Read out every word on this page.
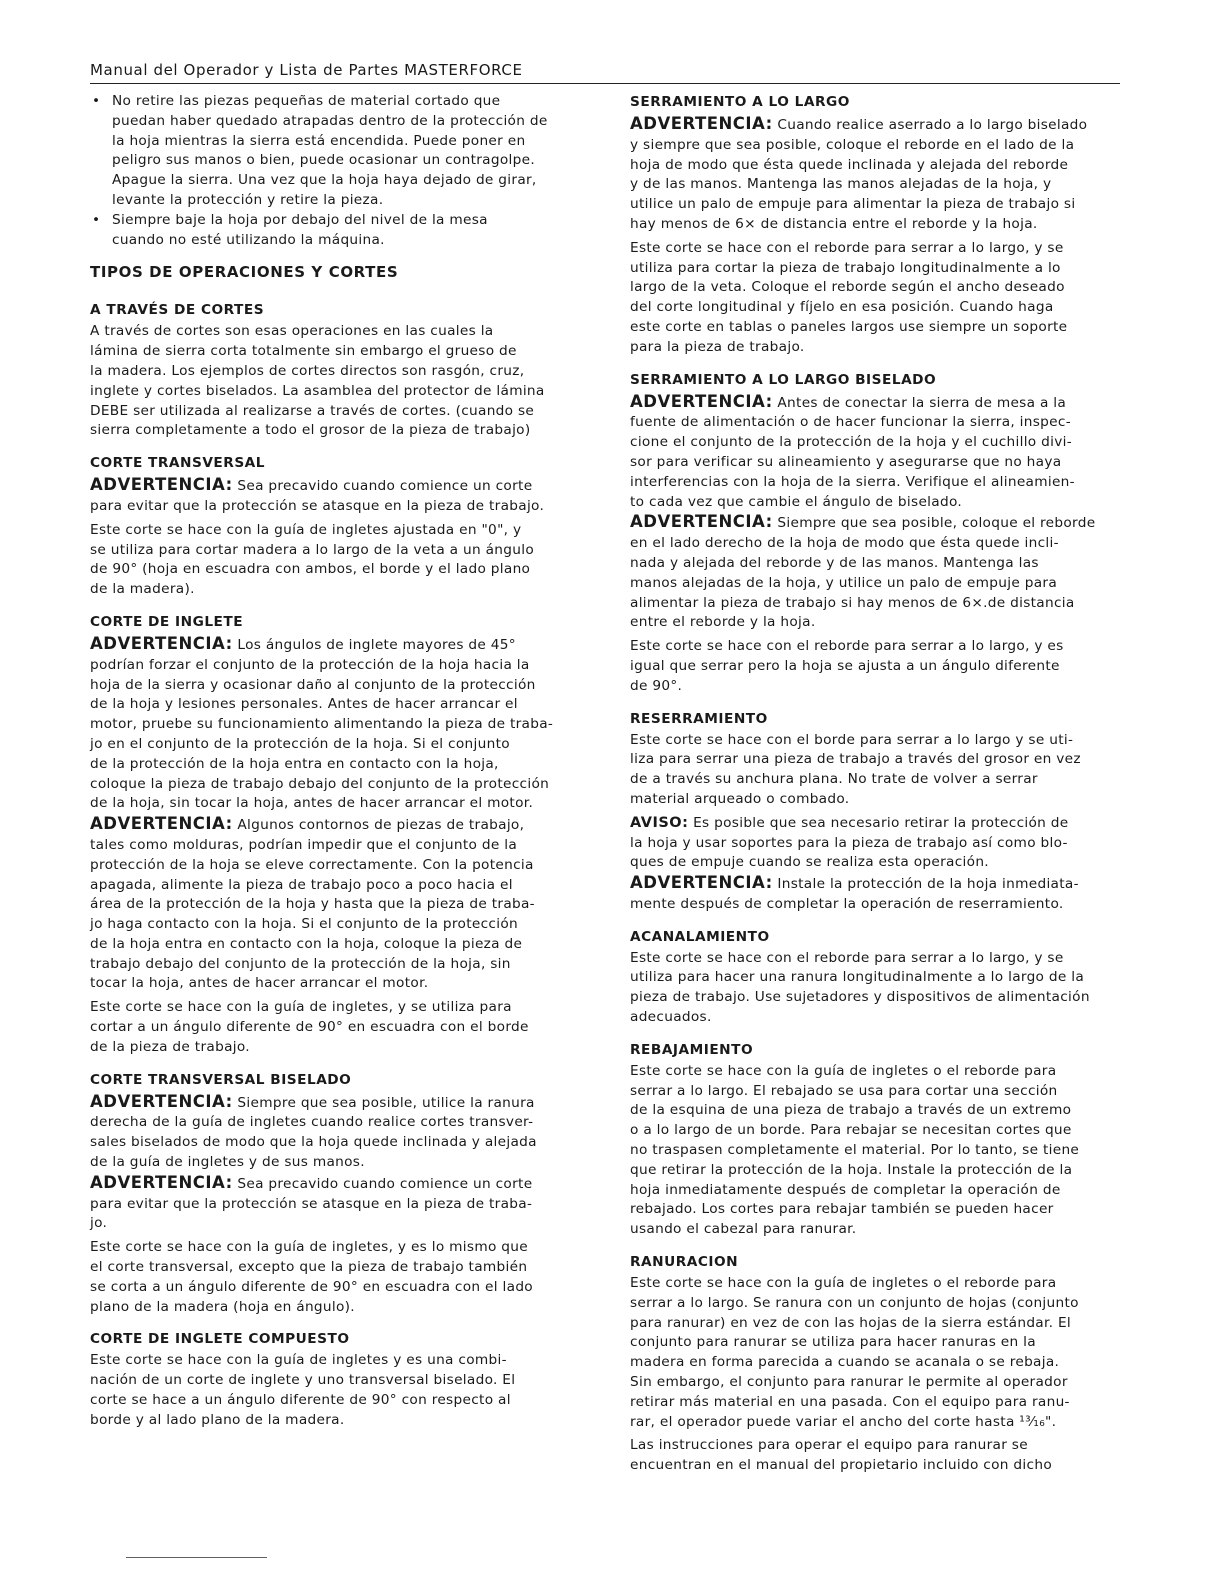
Manual del Operador y Lista de Partes MASTERFORCE
• No retire las piezas pequeñas de material cortado que
puedan haber quedado atrapadas dentro de la protección de
la hoja mientras la sierra está encendida. Puede poner en
peligro sus manos o bien, puede ocasionar un contragolpe.
Apague la sierra. Una vez que la hoja haya dejado de girar,
levante la protección y retire la pieza.

• Siempre baje la hoja por debajo del nivel de la mesa
cuando no esté utilizando la máquina.

TIPOS DE OPERACIONES Y CORTES
A TRAVÉS DE CORTES

A través de cortes son esas operaciones en las cuales la
lámina de sierra corta totalmente sin embargo el grueso de
la madera. Los ejemplos de cortes directos son rasgón, cruz,
inglete y cortes biselados. La asamblea del protector de lámina
DEBE ser utilizada al realizarse a través de cortes. (cuando se
sierra completamente a todo el grosor de la pieza de trabajo)

CORTE TRANSVERSAL

ADVERTENCIA: Sea precavido cuando comience un corte
para evitar que la protección se atasque en la pieza de trabajo.

Este corte se hace con la guía de ingletes ajustada en "0", y
se utiliza para cortar madera a lo largo de la veta a un ángulo
de 90° (hoja en escuadra con ambos, el borde y el lado plano
de la madera).

CORTE DE INGLETE

ADVERTENCIA: Los ángulos de inglete mayores de 45°
podrían forzar el conjunto de la protección de la hoja hacia la
hoja de la sierra y ocasionar daño al conjunto de la protección
de la hoja y lesiones personales. Antes de hacer arrancar el
motor, pruebe su funcionamiento alimentando la pieza de traba-
jo en el conjunto de la protección de la hoja. Si el conjunto
de la protección de la hoja entra en contacto con la hoja,
coloque la pieza de trabajo debajo del conjunto de la protección
de la hoja, sin tocar la hoja, antes de hacer arrancar el motor.

ADVERTENCIA: Algunos contornos de piezas de trabajo,
tales como molduras, podrían impedir que el conjunto de la
protección de la hoja se eleve correctamente. Con la potencia
apagada, alimente la pieza de trabajo poco a poco hacia el
área de la protección de la hoja y hasta que la pieza de traba-
jo haga contacto con la hoja. Si el conjunto de la protección
de la hoja entra en contacto con la hoja, coloque la pieza de
trabajo debajo del conjunto de la protección de la hoja, sin
tocar la hoja, antes de hacer arrancar el motor.

Este corte se hace con la guía de ingletes, y se utiliza para
cortar a un ángulo diferente de 90° en escuadra con el borde
de la pieza de trabajo.

CORTE TRANSVERSAL BISELADO

ADVERTENCIA: Siempre que sea posible, utilice la ranura
derecha de la guía de ingletes cuando realice cortes transver-
sales biselados de modo que la hoja quede inclinada y alejada
de la guía de ingletes y de sus manos.

ADVERTENCIA: Sea precavido cuando comience un corte
para evitar que la protección se atasque en la pieza de traba-
jo.

Este corte se hace con la guía de ingletes, y es lo mismo que
el corte transversal, excepto que la pieza de trabajo también
se corta a un ángulo diferente de 90° en escuadra con el lado
plano de la madera (hoja en ángulo).

CORTE DE INGLETE COMPUESTO

Este corte se hace con la guía de ingletes y es una combi-
nación de un corte de inglete y uno transversal biselado. El
corte se hace a un ángulo diferente de 90° con respecto al
borde y al lado plano de la madera.

SERRAMIENTO A LO LARGO

ADVERTENCIA: Cuando realice aserrado a lo largo biselado
y siempre que sea posible, coloque el reborde en el lado de la
hoja de modo que ésta quede inclinada y alejada del reborde
y de las manos. Mantenga las manos alejadas de la hoja, y
utilice un palo de empuje para alimentar la pieza de trabajo si
hay menos de 6× de distancia entre el reborde y la hoja.

Este corte se hace con el reborde para serrar a lo largo, y se
utiliza para cortar la pieza de trabajo longitudinalmente a lo
largo de la veta. Coloque el reborde según el ancho deseado
del corte longitudinal y fíjelo en esa posición. Cuando haga
este corte en tablas o paneles largos use siempre un soporte
para la pieza de trabajo.

SERRAMIENTO A LO LARGO BISELADO

ADVERTENCIA: Antes de conectar la sierra de mesa a la
fuente de alimentación o de hacer funcionar la sierra, inspec-
cione el conjunto de la protección de la hoja y el cuchillo divi-
sor para verificar su alineamiento y asegurarse que no haya
interferencias con la hoja de la sierra. Verifique el alineamien-
to cada vez que cambie el ángulo de biselado.

ADVERTENCIA: Siempre que sea posible, coloque el reborde
en el lado derecho de la hoja de modo que ésta quede incli-
nada y alejada del reborde y de las manos. Mantenga las
manos alejadas de la hoja, y utilice un palo de empuje para
alimentar la pieza de trabajo si hay menos de 6×.de distancia
entre el reborde y la hoja.

Este corte se hace con el reborde para serrar a lo largo, y es
igual que serrar pero la hoja se ajusta a un ángulo diferente
de 90°.

RESERRAMIENTO

Este corte se hace con el borde para serrar a lo largo y se uti-
liza para serrar una pieza de trabajo a través del grosor en vez
de a través su anchura plana. No trate de volver a serrar
material arqueado o combado.

AVISO: Es posible que sea necesario retirar la protección de
la hoja y usar soportes para la pieza de trabajo así como blo-
ques de empuje cuando se realiza esta operación.

ADVERTENCIA: Instale la protección de la hoja inmediata-
mente después de completar la operación de reserramiento.

ACANALAMIENTO

Este corte se hace con el reborde para serrar a lo largo, y se
utiliza para hacer una ranura longitudinalmente a lo largo de la
pieza de trabajo. Use sujetadores y dispositivos de alimentación
adecuados.

REBAJAMIENTO

Este corte se hace con la guía de ingletes o el reborde para
serrar a lo largo. El rebajado se usa para cortar una sección
de la esquina de una pieza de trabajo a través de un extremo
o a lo largo de un borde. Para rebajar se necesitan cortes que
no traspasen completamente el material. Por lo tanto, se tiene
que retirar la protección de la hoja. Instale la protección de la
hoja inmediatamente después de completar la operación de
rebajado. Los cortes para rebajar también se pueden hacer
usando el cabezal para ranurar.

RANURACION

Este corte se hace con la guía de ingletes o el reborde para
serrar a lo largo. Se ranura con un conjunto de hojas (conjunto
para ranurar) en vez de con las hojas de la sierra estándar. El
conjunto para ranurar se utiliza para hacer ranuras en la
madera en forma parecida a cuando se acanala o se rebaja.
Sin embargo, el conjunto para ranurar le permite al operador
retirar más material en una pasada. Con el equipo para ranu-
rar, el operador puede variar el ancho del corte hasta ¹³⁄₁₆".

Las instrucciones para operar el equipo para ranurar se
encuentran en el manual del propietario incluido con dicho
